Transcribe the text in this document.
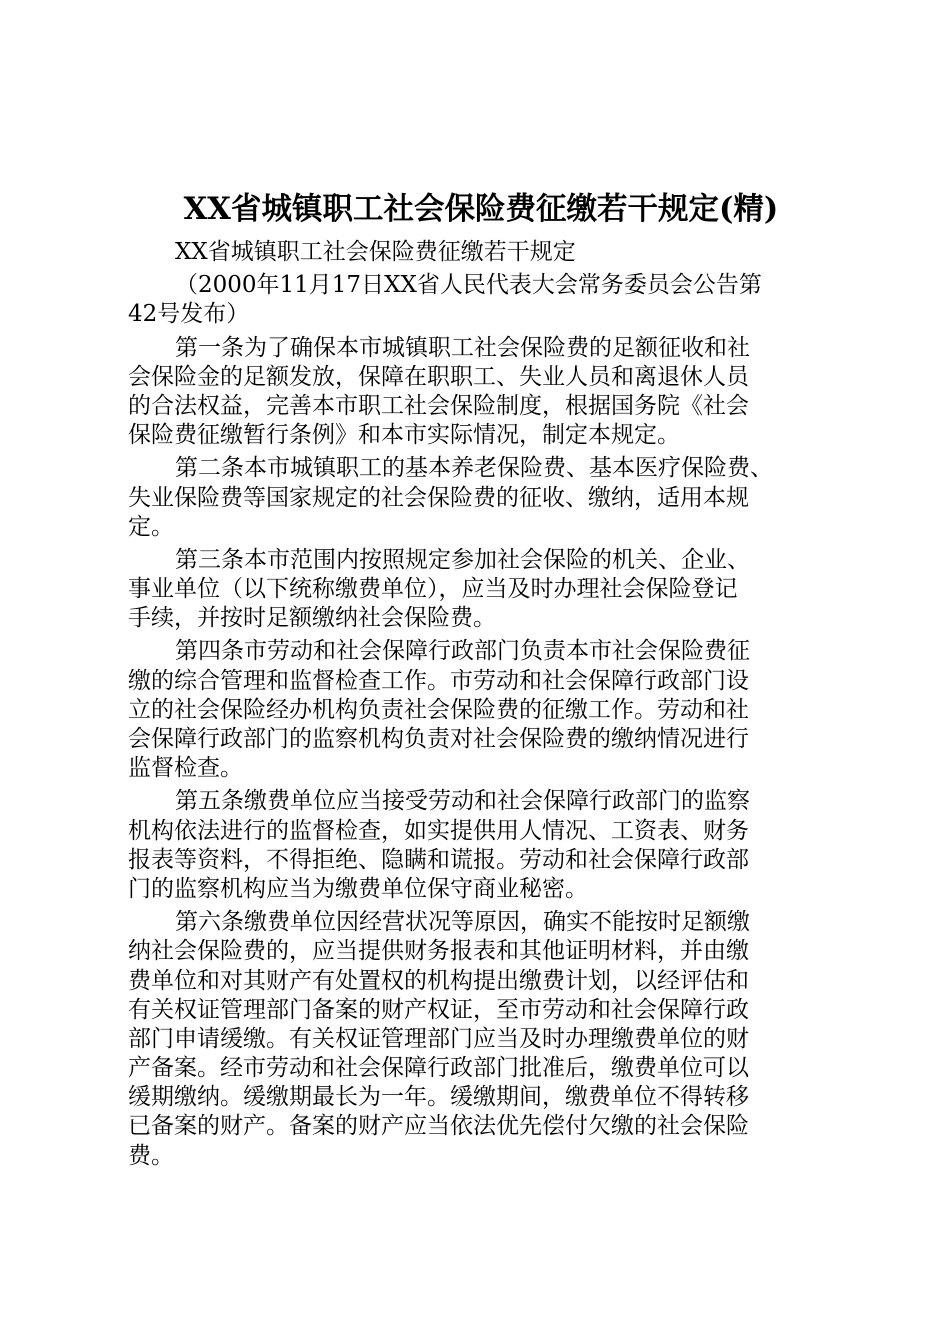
XX省城镇职工社会保险费征缴若干规定(精)
XX省城镇职工社会保险费征缴若干规定
（2000年11月17日XX省人民代表大会常务委员会公告第
42号发布）
第一条为了确保本市城镇职工社会保险费的足额征收和社
会保险金的足额发放，保障在职职工、失业人员和离退休人员
的合法权益，完善本市职工社会保险制度，根据国务院《社会
保险费征缴暂行条例》和本市实际情况，制定本规定。
第二条本市城镇职工的基本养老保险费、基本医疗保险费、
失业保险费等国家规定的社会保险费的征收、缴纳，适用本规
定。
第三条本市范围内按照规定参加社会保险的机关、企业、
事业单位（以下统称缴费单位），应当及时办理社会保险登记
手续，并按时足额缴纳社会保险费。
第四条市劳动和社会保障行政部门负责本市社会保险费征
缴的综合管理和监督检查工作。市劳动和社会保障行政部门设
立的社会保险经办机构负责社会保险费的征缴工作。劳动和社
会保障行政部门的监察机构负责对社会保险费的缴纳情况进行
监督检查。
第五条缴费单位应当接受劳动和社会保障行政部门的监察
机构依法进行的监督检查，如实提供用人情况、工资表、财务
报表等资料，不得拒绝、隐瞒和谎报。劳动和社会保障行政部
门的监察机构应当为缴费单位保守商业秘密。
第六条缴费单位因经营状况等原因，确实不能按时足额缴
纳社会保险费的，应当提供财务报表和其他证明材料，并由缴
费单位和对其财产有处置权的机构提出缴费计划，以经评估和
有关权证管理部门备案的财产权证，至市劳动和社会保障行政
部门申请缓缴。有关权证管理部门应当及时办理缴费单位的财
产备案。经市劳动和社会保障行政部门批准后，缴费单位可以
缓期缴纳。缓缴期最长为一年。缓缴期间，缴费单位不得转移
已备案的财产。备案的财产应当依法优先偿付欠缴的社会保险
费。
